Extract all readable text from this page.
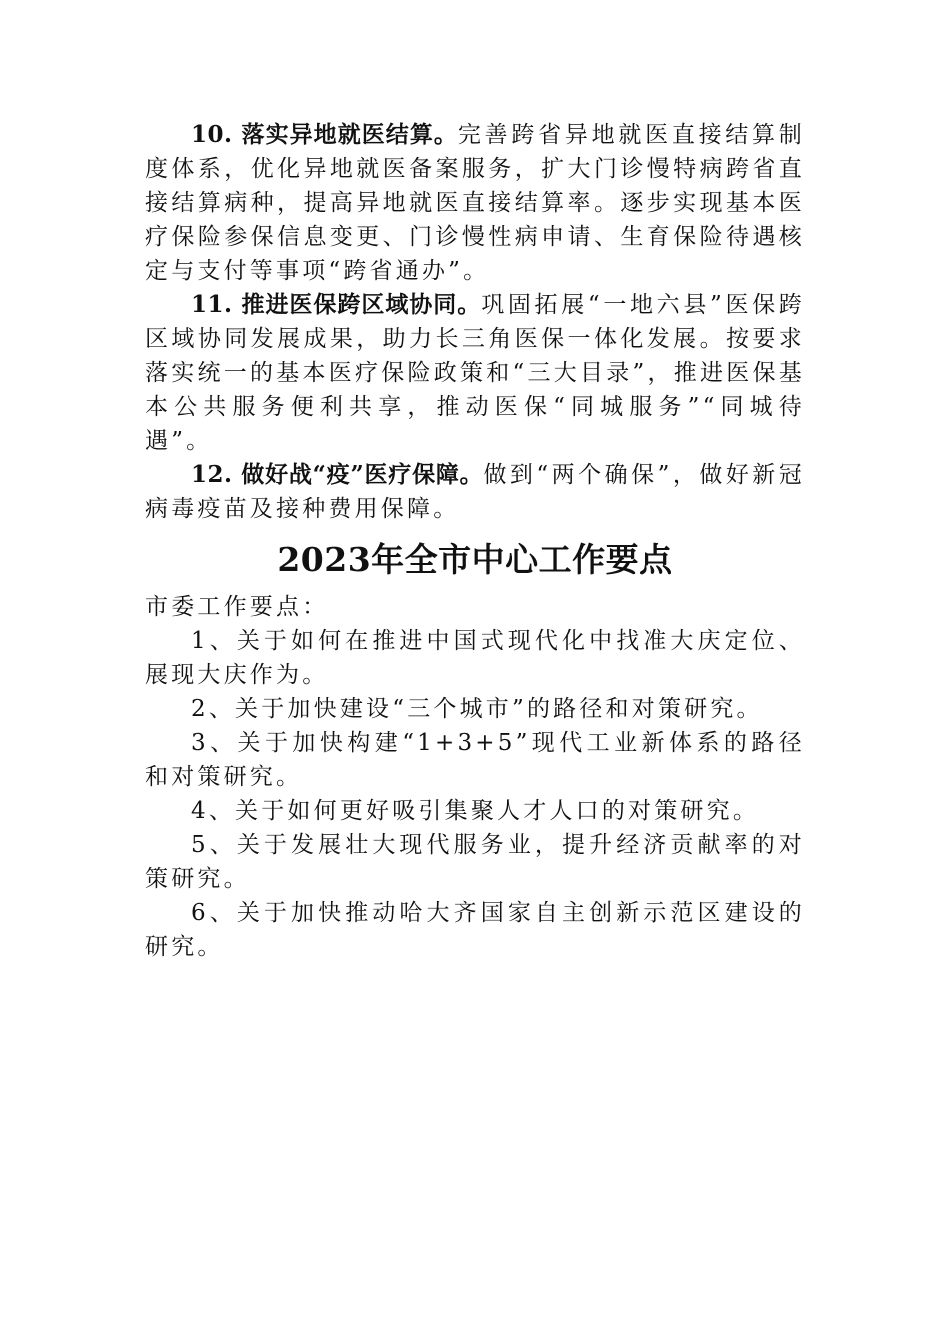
10. 落实异地就医结算。完善跨省异地就医直接结算制度体系，优化异地就医备案服务，扩大门诊慢特病跨省直接结算病种，提高异地就医直接结算率。逐步实现基本医疗保险参保信息变更、门诊慢性病申请、生育保险待遇核定与支付等事项“跨省通办”。

11. 推进医保跨区域协同。巩固拓展“一地六县”医保跨区域协同发展成果，助力长三角医保一体化发展。按要求落实统一的基本医疗保险政策和“三大目录”，推进医保基本公共服务便利共享，推动医保“同城服务”“同城待遇”。

12. 做好战“疫”医疗保障。做到“两个确保”，做好新冠病毒疫苗及接种费用保障。

2023年全市中心工作要点

市委工作要点：

1、关于如何在推进中国式现代化中找准大庆定位、展现大庆作为。

2、关于加快建设“三个城市”的路径和对策研究。

3、关于加快构建“1+3+5”现代工业新体系的路径和对策研究。

4、关于如何更好吸引集聚人才人口的对策研究。

5、关于发展壮大现代服务业，提升经济贡献率的对策研究。

6、关于加快推动哈大齐国家自主创新示范区建设的研究。
